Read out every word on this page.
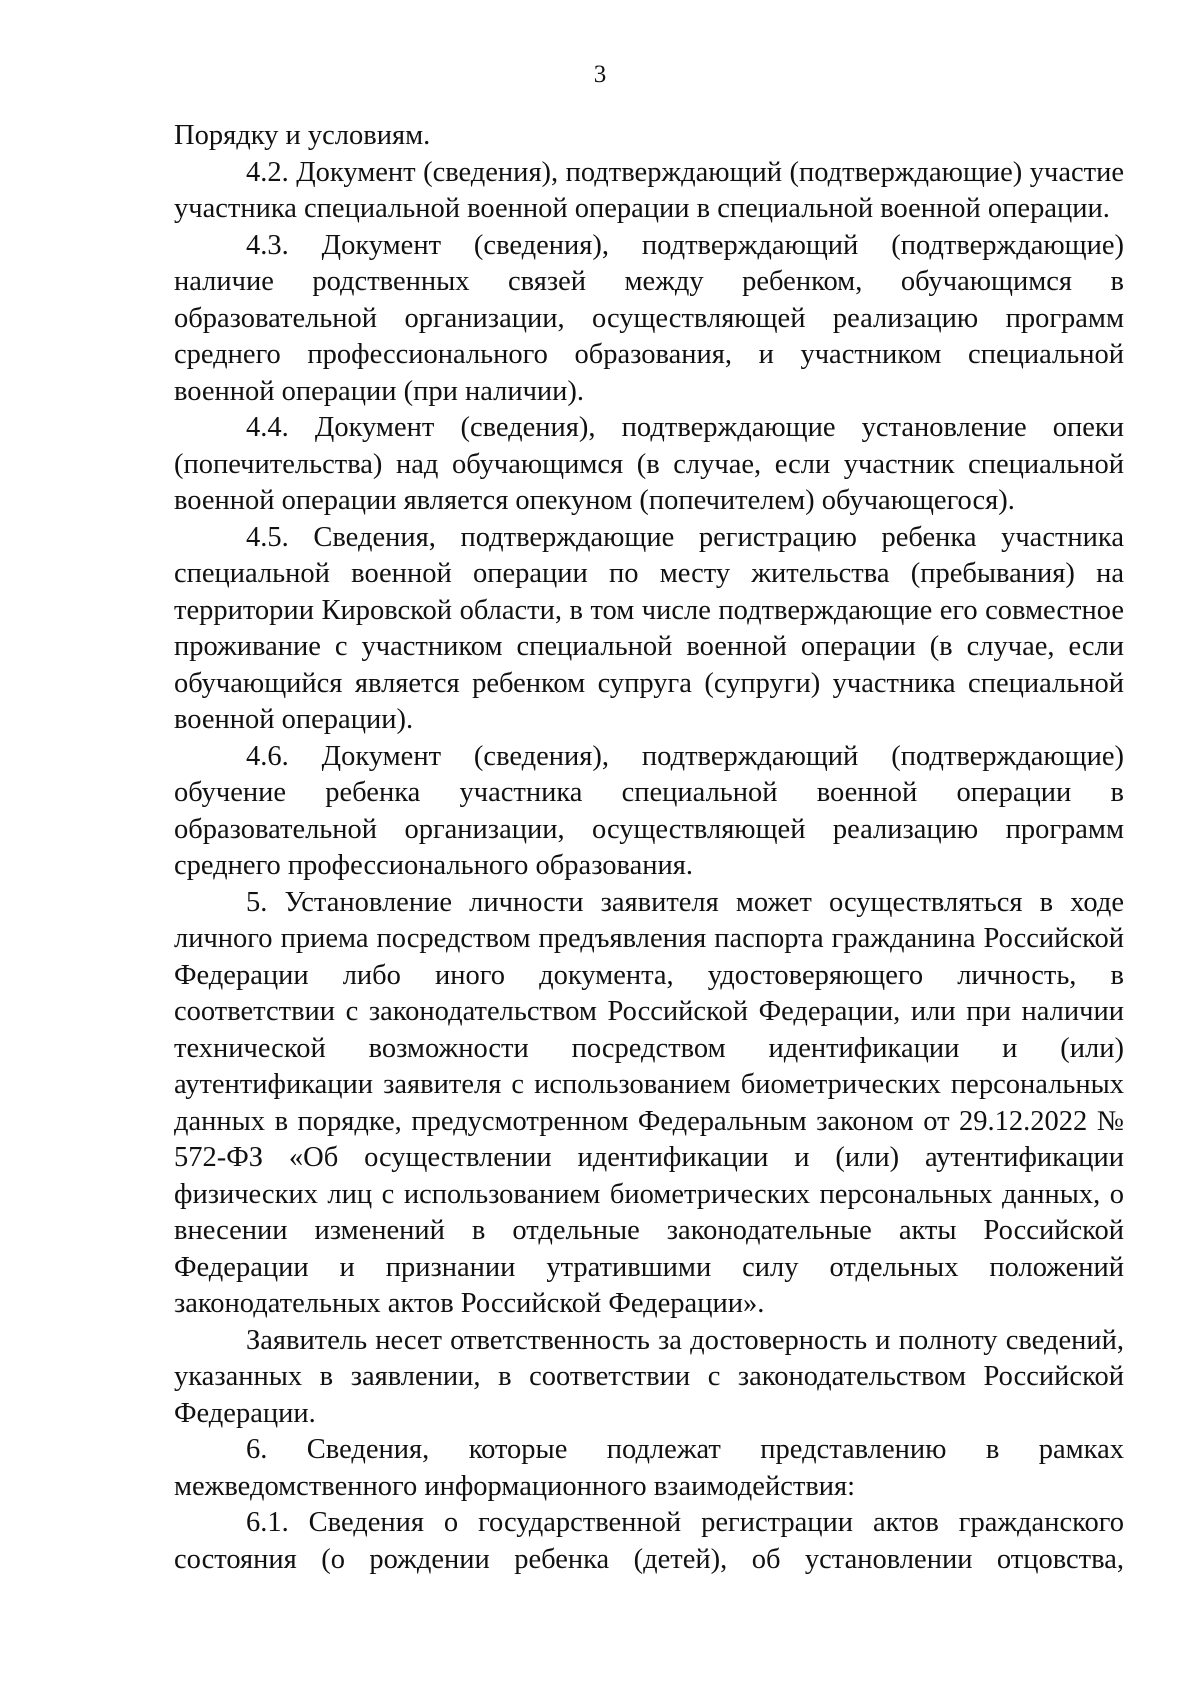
3

Порядку и условиям.

4.2. Документ (сведения), подтверждающий (подтверждающие) участие участника специальной военной операции в специальной военной операции.

4.3. Документ (сведения), подтверждающий (подтверждающие) наличие родственных связей между ребенком, обучающимся в образовательной организации, осуществляющей реализацию программ среднего профессионального образования, и участником специальной военной операции (при наличии).

4.4. Документ (сведения), подтверждающие установление опеки (попечительства) над обучающимся (в случае, если участник специальной военной операции является опекуном (попечителем) обучающегося).

4.5. Сведения, подтверждающие регистрацию ребенка участника специальной военной операции по месту жительства (пребывания) на территории Кировской области, в том числе подтверждающие его совместное проживание с участником специальной военной операции (в случае, если обучающийся является ребенком супруга (супруги) участника специальной военной операции).

4.6. Документ (сведения), подтверждающий (подтверждающие) обучение ребенка участника специальной военной операции в образовательной организации, осуществляющей реализацию программ среднего профессионального образования.

5. Установление личности заявителя может осуществляться в ходе личного приема посредством предъявления паспорта гражданина Российской Федерации либо иного документа, удостоверяющего личность, в соответствии с законодательством Российской Федерации, или при наличии технической возможности посредством идентификации и (или) аутентификации заявителя с использованием биометрических персональных данных в порядке, предусмотренном Федеральным законом от 29.12.2022 № 572-ФЗ «Об осуществлении идентификации и (или) аутентификации физических лиц с использованием биометрических персональных данных, о внесении изменений в отдельные законодательные акты Российской Федерации и признании утратившими силу отдельных положений законодательных актов Российской Федерации».

Заявитель несет ответственность за достоверность и полноту сведений, указанных в заявлении, в соответствии с законодательством Российской Федерации.

6. Сведения, которые подлежат представлению в рамках межведомственного информационного взаимодействия:

6.1. Сведения о государственной регистрации актов гражданского состояния (о рождении ребенка (детей), об установлении отцовства,
